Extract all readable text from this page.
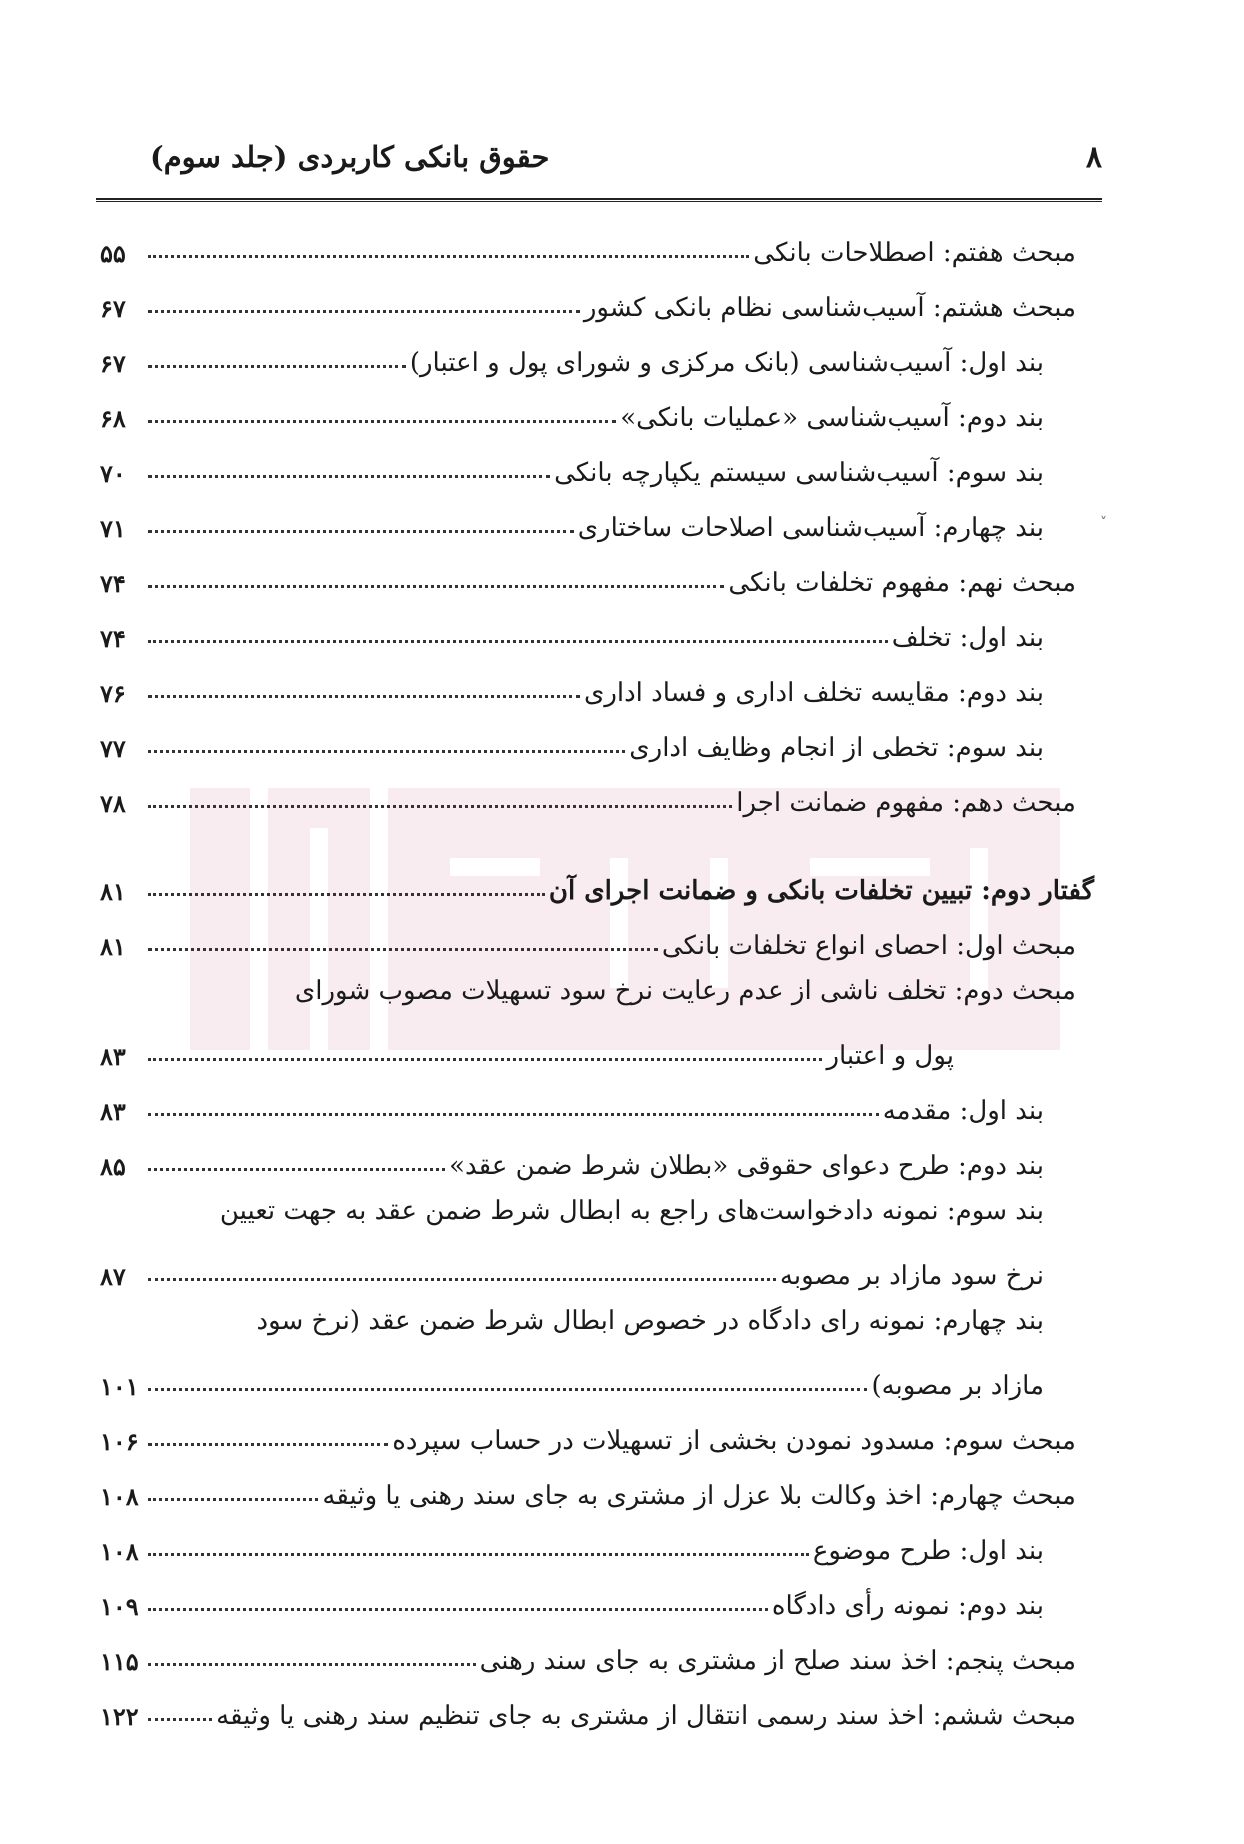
۸
حقوق بانکی کاربردی (جلد سوم)
˅
۵۵	مبحث هفتم: اصطلاحات بانکی
۶۷	مبحث هشتم: آسیب‌شناسی نظام بانکی کشور
۶۷	بند اول: آسیب‌شناسی (بانک مرکزی و شورای پول و اعتبار)
۶۸	بند دوم: آسیب‌شناسی «عملیات بانکی»
۷۰	بند سوم: آسیب‌شناسی سیستم یکپارچه بانکی
۷۱	بند چهارم: آسیب‌شناسی اصلاحات ساختاری
۷۴	مبحث نهم: مفهوم تخلفات بانکی
۷۴	بند اول: تخلف
۷۶	بند دوم: مقایسه تخلف اداری و فساد اداری
۷۷	بند سوم: تخطی از انجام وظایف اداری
۷۸	مبحث دهم: مفهوم ضمانت اجرا
۸۱	گفتار دوم: تبیین تخلفات بانکی و ضمانت اجرای آن
۸۱	مبحث اول: احصای انواع تخلفات بانکی
مبحث دوم: تخلف ناشی از عدم رعایت نرخ سود تسهیلات مصوب شورای
۸۳	پول و اعتبار
۸۳	بند اول: مقدمه
۸۵	بند دوم: طرح دعوای حقوقی «بطلان شرط ضمن عقد»
بند سوم: نمونه دادخواست‌های راجع به ابطال شرط ضمن عقد به جهت تعیین
۸۷	نرخ سود مازاد بر مصوبه
بند چهارم: نمونه رای دادگاه در خصوص ابطال شرط ضمن عقد (نرخ سود
۱۰۱	مازاد بر مصوبه)
۱۰۶	مبحث سوم: مسدود نمودن بخشی از تسهیلات در حساب سپرده
۱۰۸	مبحث چهارم: اخذ وکالت بلا عزل از مشتری به جای سند رهنی یا وثیقه
۱۰۸	بند اول: طرح موضوع
۱۰۹	بند دوم: نمونه رأی دادگاه
۱۱۵	مبحث پنجم: اخذ سند صلح از مشتری به جای سند رهنی
۱۲۲	مبحث ششم: اخذ سند رسمی انتقال از مشتری به جای تنظیم سند رهنی یا وثیقه
